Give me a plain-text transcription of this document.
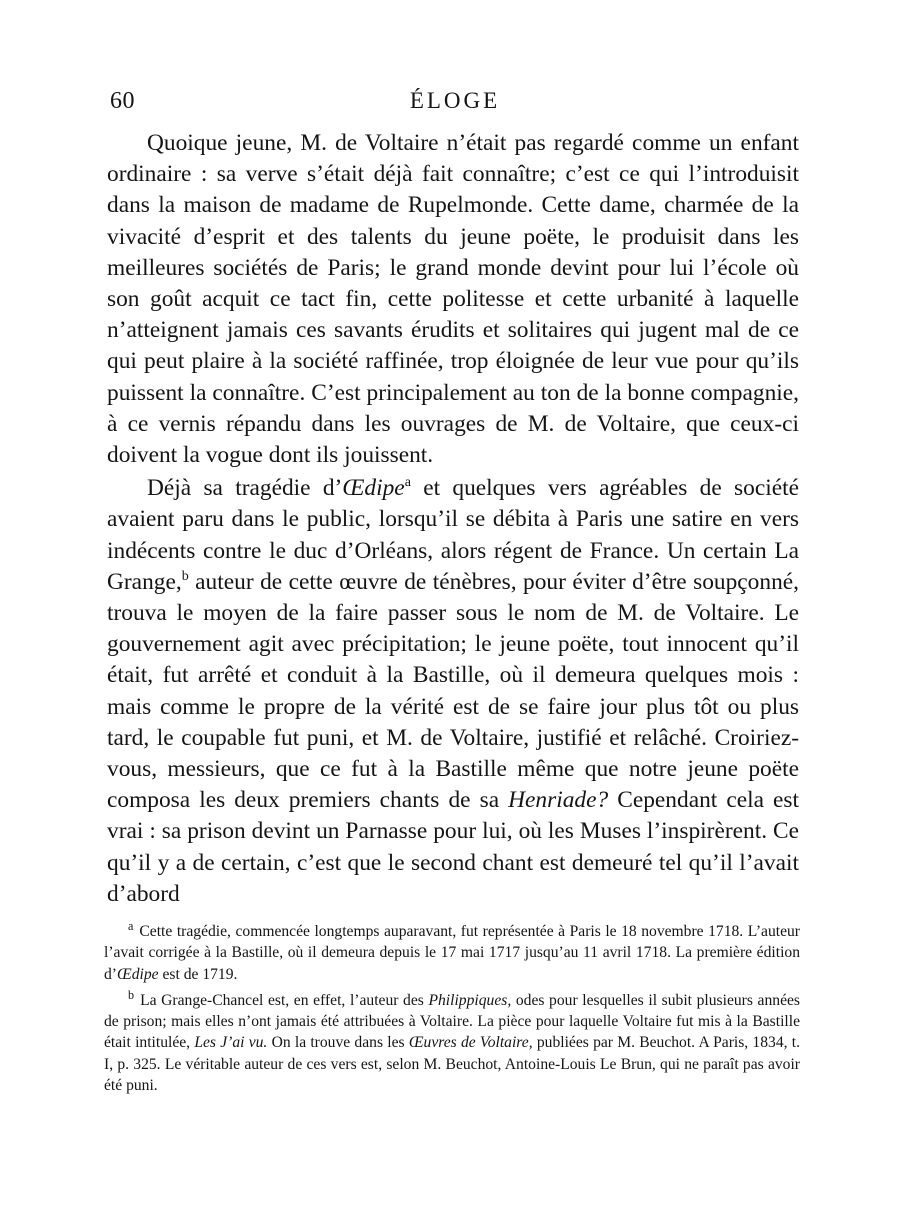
60	ÉLOGE

Quoique jeune, M. de Voltaire n’était pas regardé comme un enfant ordinaire : sa verve s’était déjà fait connaître; c’est ce qui l’introduisit dans la maison de madame de Rupelmonde. Cette dame, charmée de la vivacité d’esprit et des talents du jeune poëte, le produisit dans les meilleures sociétés de Paris; le grand monde devint pour lui l’école où son goût acquit ce tact fin, cette politesse et cette urbanité à laquelle n’atteignent jamais ces savants érudits et solitaires qui jugent mal de ce qui peut plaire à la société raffinée, trop éloignée de leur vue pour qu’ils puissent la connaître. C’est principalement au ton de la bonne compagnie, à ce vernis répandu dans les ouvrages de M. de Voltaire, que ceux-ci doivent la vogue dont ils jouissent.

Déjà sa tragédie d’Œdipe$^a$ et quelques vers agréables de société avaient paru dans le public, lorsqu’il se débita à Paris une satire en vers indécents contre le duc d’Orléans, alors régent de France. Un certain La Grange,$^b$ auteur de cette œuvre de ténèbres, pour éviter d’être soupçonné, trouva le moyen de la faire passer sous le nom de M. de Voltaire. Le gouvernement agit avec précipitation; le jeune poëte, tout innocent qu’il était, fut arrêté et conduit à la Bastille, où il demeura quelques mois : mais comme le propre de la vérité est de se faire jour plus tôt ou plus tard, le coupable fut puni, et M. de Voltaire, justifié et relâché. Croiriez-vous, messieurs, que ce fut à la Bastille même que notre jeune poëte composa les deux premiers chants de sa Henriade? Cependant cela est vrai : sa prison devint un Parnasse pour lui, où les Muses l’inspirèrent. Ce qu’il y a de certain, c’est que le second chant est demeuré tel qu’il l’avait d’abord

$^a$ Cette tragédie, commencée longtemps auparavant, fut représentée à Paris le 18 novembre 1718. L’auteur l’avait corrigée à la Bastille, où il demeura depuis le 17 mai 1717 jusqu’au 11 avril 1718. La première édition d’Œdipe est de 1719.

$^b$ La Grange-Chancel est, en effet, l’auteur des Philippiques, odes pour lesquelles il subit plusieurs années de prison; mais elles n’ont jamais été attribuées à Voltaire. La pièce pour laquelle Voltaire fut mis à la Bastille était intitulée, Les J’ai vu. On la trouve dans les Œuvres de Voltaire, publiées par M. Beuchot. A Paris, 1834, t. I, p. 325. Le véritable auteur de ces vers est, selon M. Beuchot, Antoine-Louis Le Brun, qui ne paraît pas avoir été puni.
